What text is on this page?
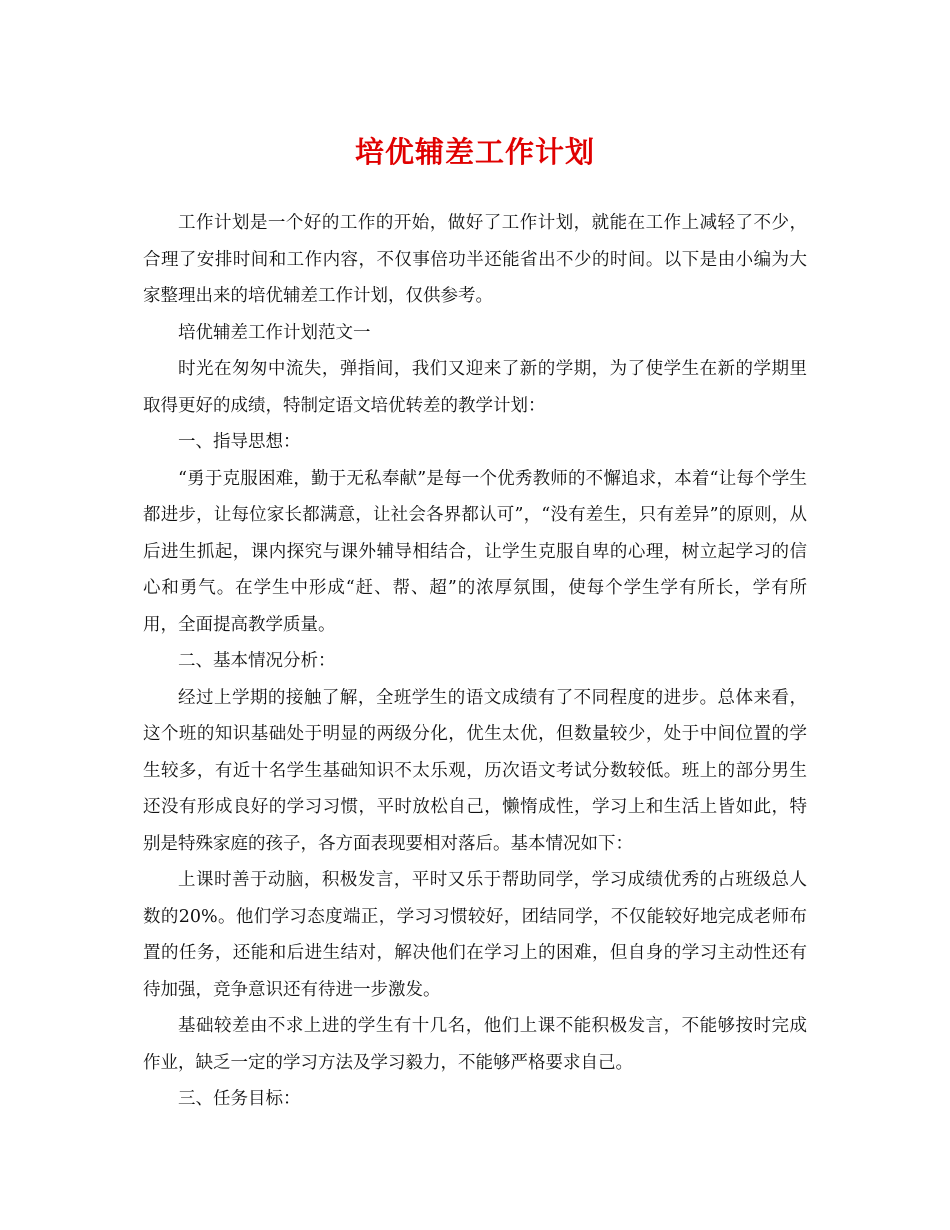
培优辅差工作计划

工作计划是一个好的工作的开始，做好了工作计划，就能在工作上减轻了不少，合理了安排时间和工作内容，不仅事倍功半还能省出不少的时间。以下是由小编为大家整理出来的培优辅差工作计划，仅供参考。

培优辅差工作计划范文一

时光在匆匆中流失，弹指间，我们又迎来了新的学期，为了使学生在新的学期里取得更好的成绩，特制定语文培优转差的教学计划：

一、指导思想：

“勇于克服困难，勤于无私奉献”是每一个优秀教师的不懈追求，本着“让每个学生都进步，让每位家长都满意，让社会各界都认可”，“没有差生，只有差异”的原则，从后进生抓起，课内探究与课外辅导相结合，让学生克服自卑的心理，树立起学习的信心和勇气。在学生中形成“赶、帮、超”的浓厚氛围，使每个学生学有所长，学有所用，全面提高教学质量。

二、基本情况分析：

经过上学期的接触了解，全班学生的语文成绩有了不同程度的进步。总体来看，这个班的知识基础处于明显的两级分化，优生太优，但数量较少，处于中间位置的学生较多，有近十名学生基础知识不太乐观，历次语文考试分数较低。班上的部分男生还没有形成良好的学习习惯，平时放松自己，懒惰成性，学习上和生活上皆如此，特别是特殊家庭的孩子，各方面表现要相对落后。基本情况如下：

上课时善于动脑，积极发言，平时又乐于帮助同学，学习成绩优秀的占班级总人数的20%。他们学习态度端正，学习习惯较好，团结同学，不仅能较好地完成老师布置的任务，还能和后进生结对，解决他们在学习上的困难，但自身的学习主动性还有待加强，竞争意识还有待进一步激发。

基础较差由不求上进的学生有十几名，他们上课不能积极发言，不能够按时完成作业，缺乏一定的学习方法及学习毅力，不能够严格要求自己。

三、任务目标：
